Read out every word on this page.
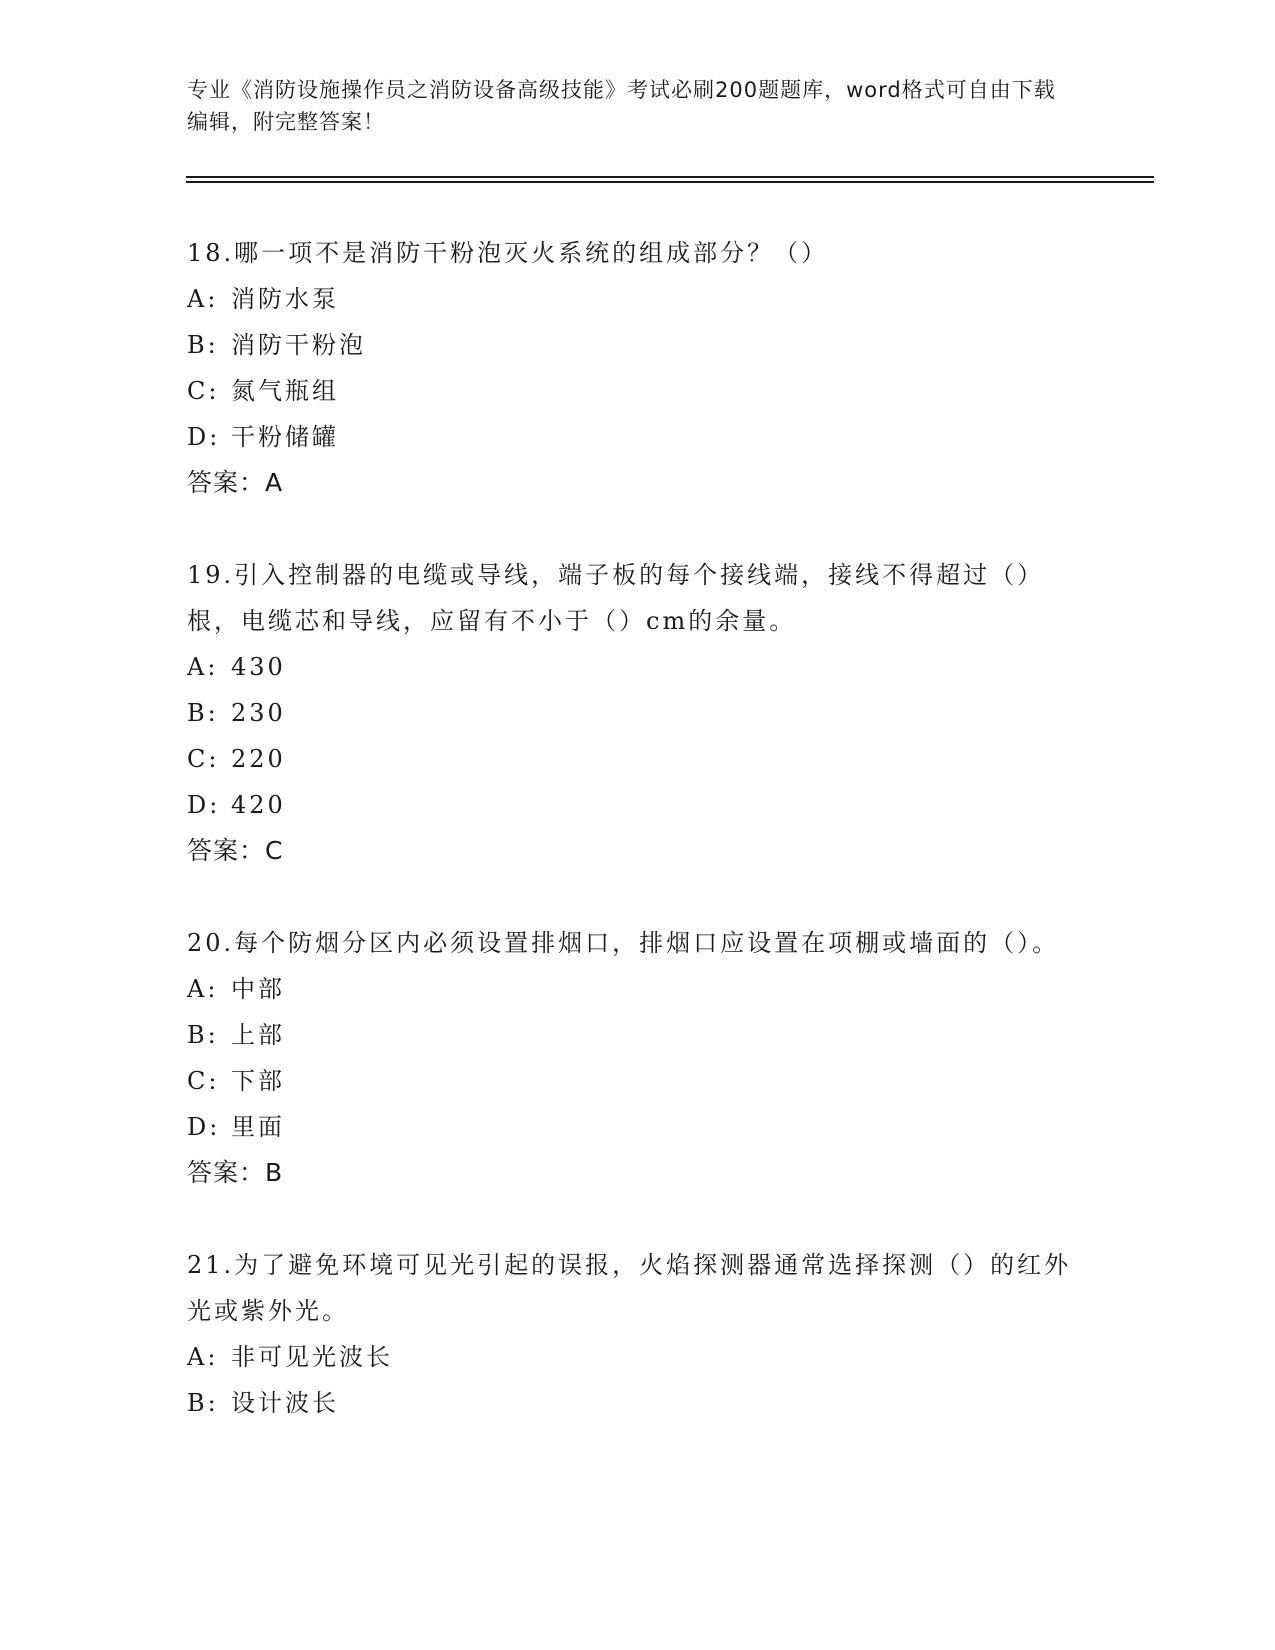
专业《消防设施操作员之消防设备高级技能》考试必刷200题题库，word格式可自由下载编辑，附完整答案！

18.哪一项不是消防干粉泡灭火系统的组成部分？（）

A: 消防水泵

B: 消防干粉泡

C: 氮气瓶组

D: 干粉储罐

答案：A

19.引入控制器的电缆或导线，端子板的每个接线端，接线不得超过（）根，电缆芯和导线，应留有不小于（）cm的余量。

A: 430

B: 230

C: 220

D: 420

答案：C

20.每个防烟分区内必须设置排烟口，排烟口应设置在项棚或墙面的（）。

A: 中部

B: 上部

C: 下部

D: 里面

答案：B

21.为了避免环境可见光引起的误报，火焰探测器通常选择探测（）的红外光或紫外光。

A: 非可见光波长

B: 设计波长
